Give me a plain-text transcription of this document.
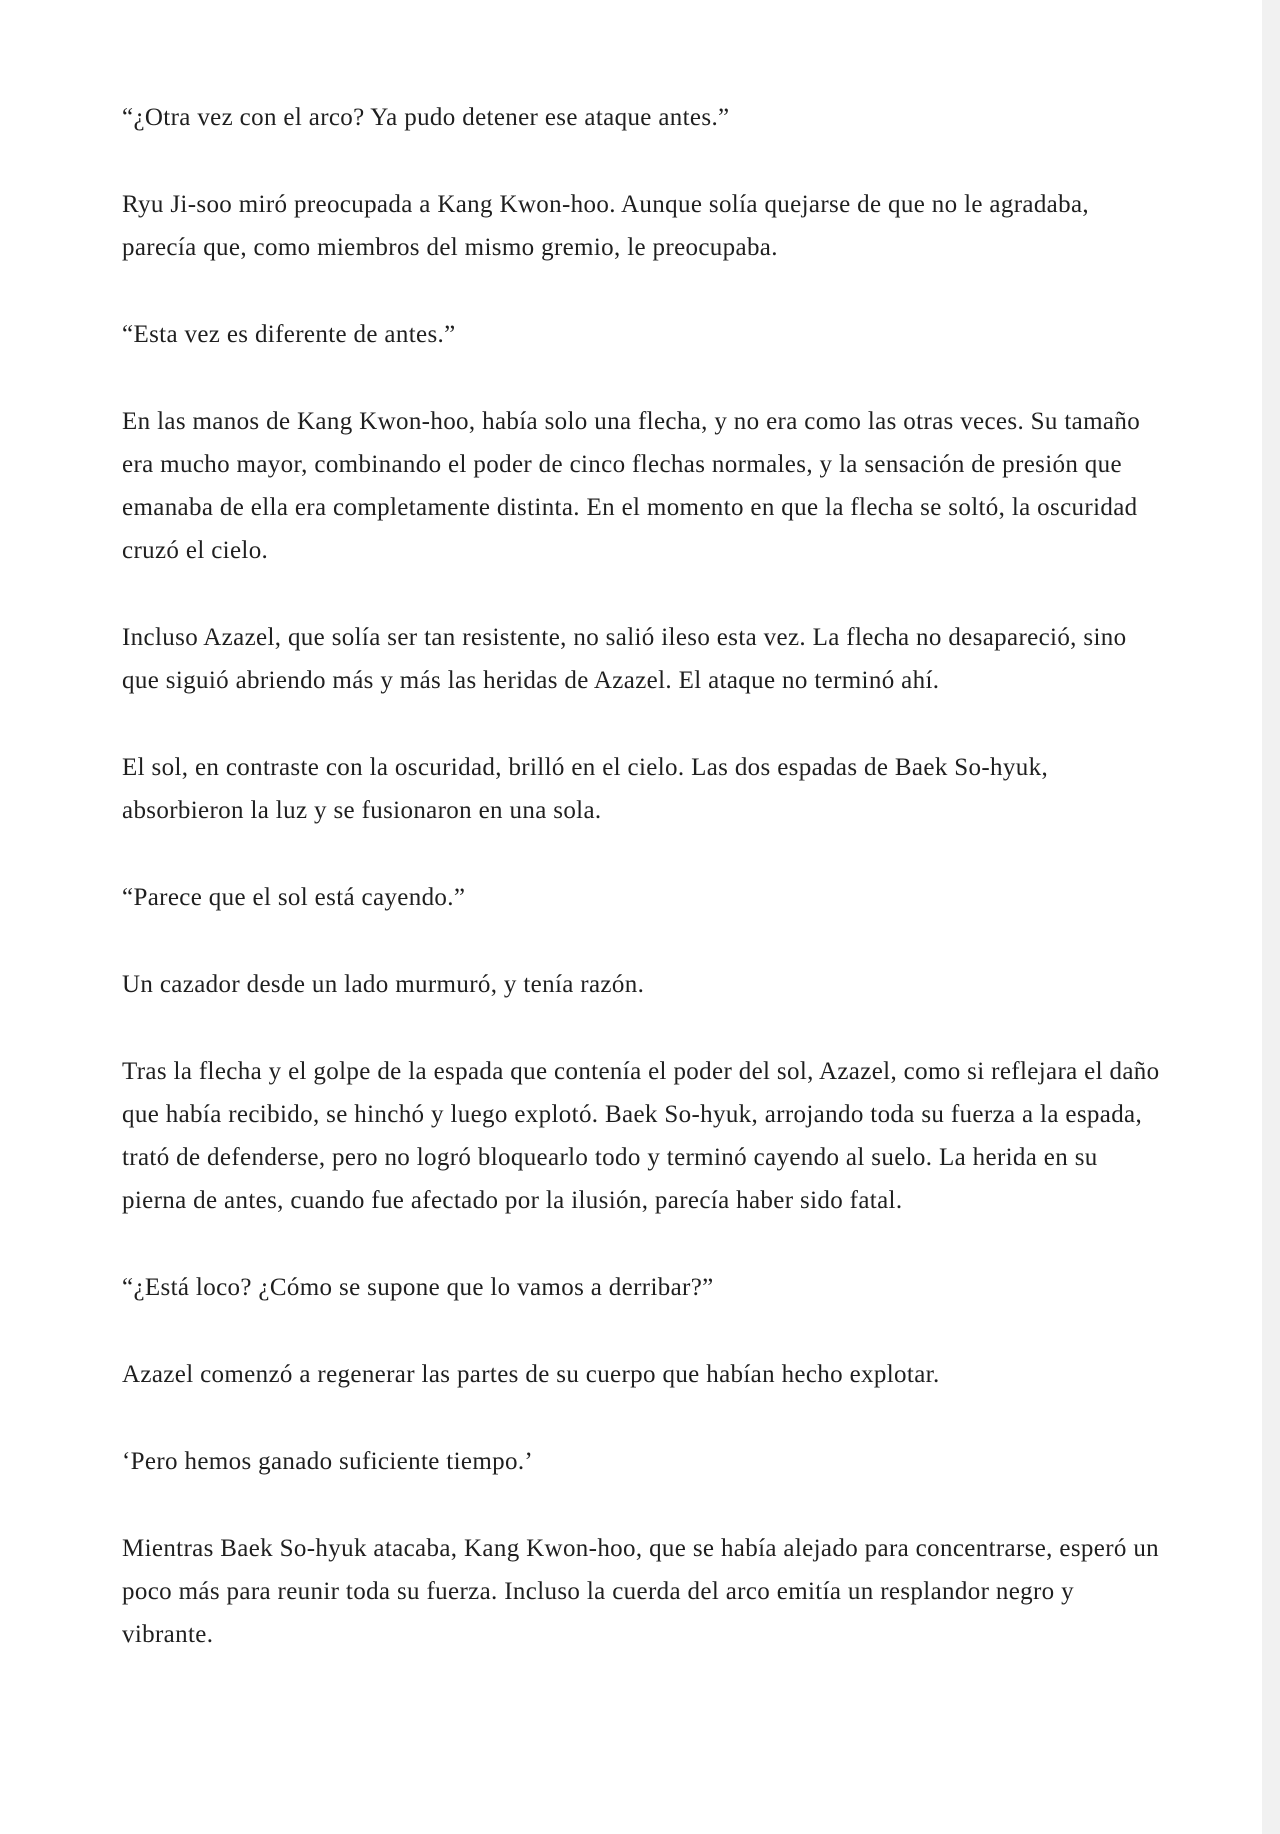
“¿Otra vez con el arco? Ya pudo detener ese ataque antes.”

Ryu Ji-soo miró preocupada a Kang Kwon-hoo. Aunque solía quejarse de que no le agradaba, parecía que, como miembros del mismo gremio, le preocupaba.

“Esta vez es diferente de antes.”

En las manos de Kang Kwon-hoo, había solo una flecha, y no era como las otras veces. Su tamaño era mucho mayor, combinando el poder de cinco flechas normales, y la sensación de presión que emanaba de ella era completamente distinta. En el momento en que la flecha se soltó, la oscuridad cruzó el cielo.

Incluso Azazel, que solía ser tan resistente, no salió ileso esta vez. La flecha no desapareció, sino que siguió abriendo más y más las heridas de Azazel. El ataque no terminó ahí.

El sol, en contraste con la oscuridad, brilló en el cielo. Las dos espadas de Baek So-hyuk, absorbieron la luz y se fusionaron en una sola.

“Parece que el sol está cayendo.”

Un cazador desde un lado murmuró, y tenía razón.

Tras la flecha y el golpe de la espada que contenía el poder del sol, Azazel, como si reflejara el daño que había recibido, se hinchó y luego explotó. Baek So-hyuk, arrojando toda su fuerza a la espada, trató de defenderse, pero no logró bloquearlo todo y terminó cayendo al suelo. La herida en su pierna de antes, cuando fue afectado por la ilusión, parecía haber sido fatal.

“¿Está loco? ¿Cómo se supone que lo vamos a derribar?”

Azazel comenzó a regenerar las partes de su cuerpo que habían hecho explotar.

‘Pero hemos ganado suficiente tiempo.’

Mientras Baek So-hyuk atacaba, Kang Kwon-hoo, que se había alejado para concentrarse, esperó un poco más para reunir toda su fuerza. Incluso la cuerda del arco emitía un resplandor negro y vibrante.
